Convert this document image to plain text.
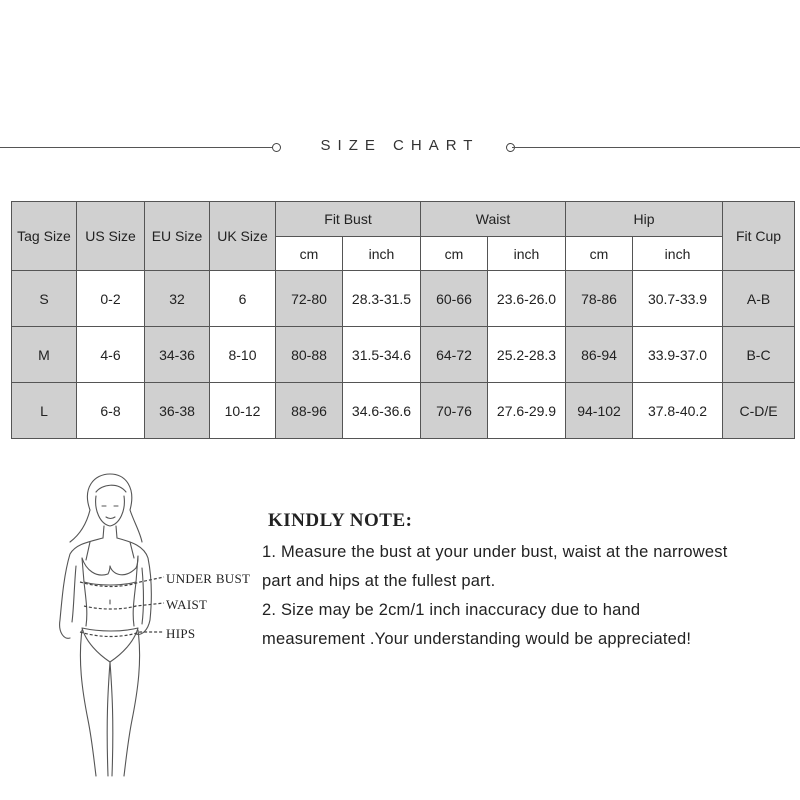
SIZE CHART
Tag Size	US Size	EU Size	UK Size	Fit Bust		Waist		Hip		Fit Cup
				cm	inch	cm	inch	cm	inch	
S	0-2	32	6	72-80	28.3-31.5	60-66	23.6-26.0	78-86	30.7-33.9	A-B
M	4-6	34-36	8-10	80-88	31.5-34.6	64-72	25.2-28.3	86-94	33.9-37.0	B-C
L	6-8	36-38	10-12	88-96	34.6-36.6	70-76	27.6-29.9	94-102	37.8-40.2	C-D/E
UNDER BUST
WAIST
HIPS
KINDLY NOTE:
1. Measure the bust at your under bust, waist at the narrowest
part and hips at the fullest part.
2. Size may be 2cm/1 inch inaccuracy due to hand
measurement .Your understanding would be appreciated!
